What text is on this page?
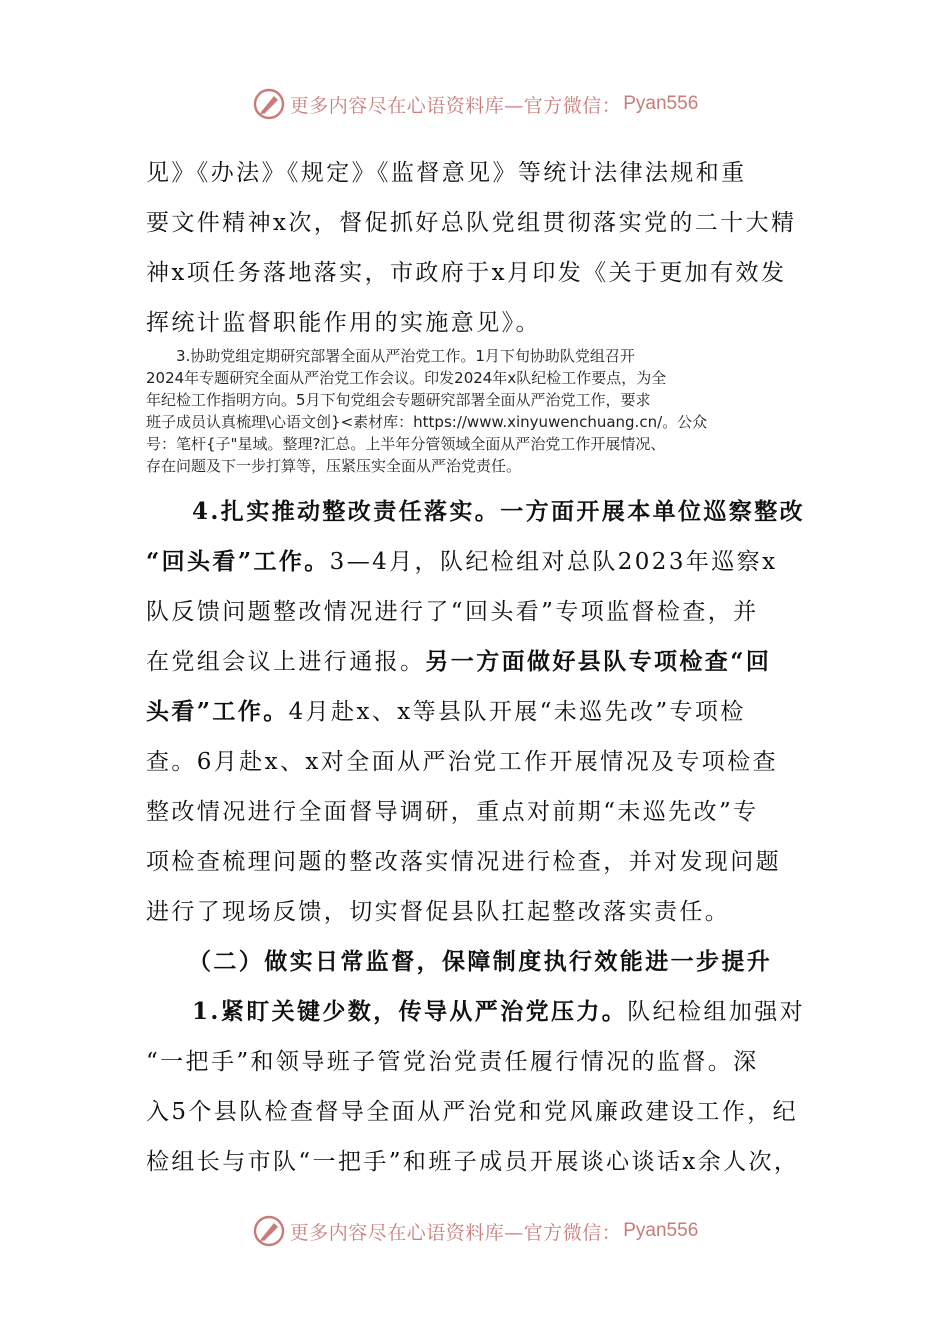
更多内容尽在心语资料库—官方微信： Pyan556
见》《办法》《规定》《监督意见》等统计法律法规和重
要文件精神x次，督促抓好总队党组贯彻落实党的二十大精
神x项任务落地落实，市政府于x月印发《关于更加有效发
挥统计监督职能作用的实施意见》。
3.协助党组定期研究部署全面从严治党工作。1月下旬协助队党组召开
2024年专题研究全面从严治党工作会议。印发2024年x队纪检工作要点，为全
年纪检工作指明方向。5月下旬党组会专题研究部署全面从严治党工作，要求
班子成员认真梳理\心语文创}<素材库：https://www.xinyuwenchuang.cn/。公众
号：笔杆{子"星域。整理?汇总。上半年分管领域全面从严治党工作开展情况、
存在问题及下一步打算等，压紧压实全面从严治党责任。
4.扎实推动整改责任落实。一方面开展本单位巡察整改
“回头看”工作。3—4月，队纪检组对总队2023年巡察x
队反馈问题整改情况进行了“回头看”专项监督检查，并
在党组会议上进行通报。另一方面做好县队专项检查“回
头看”工作。4月赴x、x等县队开展“未巡先改”专项检
查。6月赴x、x对全面从严治党工作开展情况及专项检查
整改情况进行全面督导调研，重点对前期“未巡先改”专
项检查梳理问题的整改落实情况进行检查，并对发现问题
进行了现场反馈，切实督促县队扛起整改落实责任。
（二）做实日常监督，保障制度执行效能进一步提升
1.紧盯关键少数，传导从严治党压力。队纪检组加强对
“一把手”和领导班子管党治党责任履行情况的监督。深
入5个县队检查督导全面从严治党和党风廉政建设工作，纪
检组长与市队“一把手”和班子成员开展谈心谈话x余人次，
更多内容尽在心语资料库—官方微信： Pyan556
